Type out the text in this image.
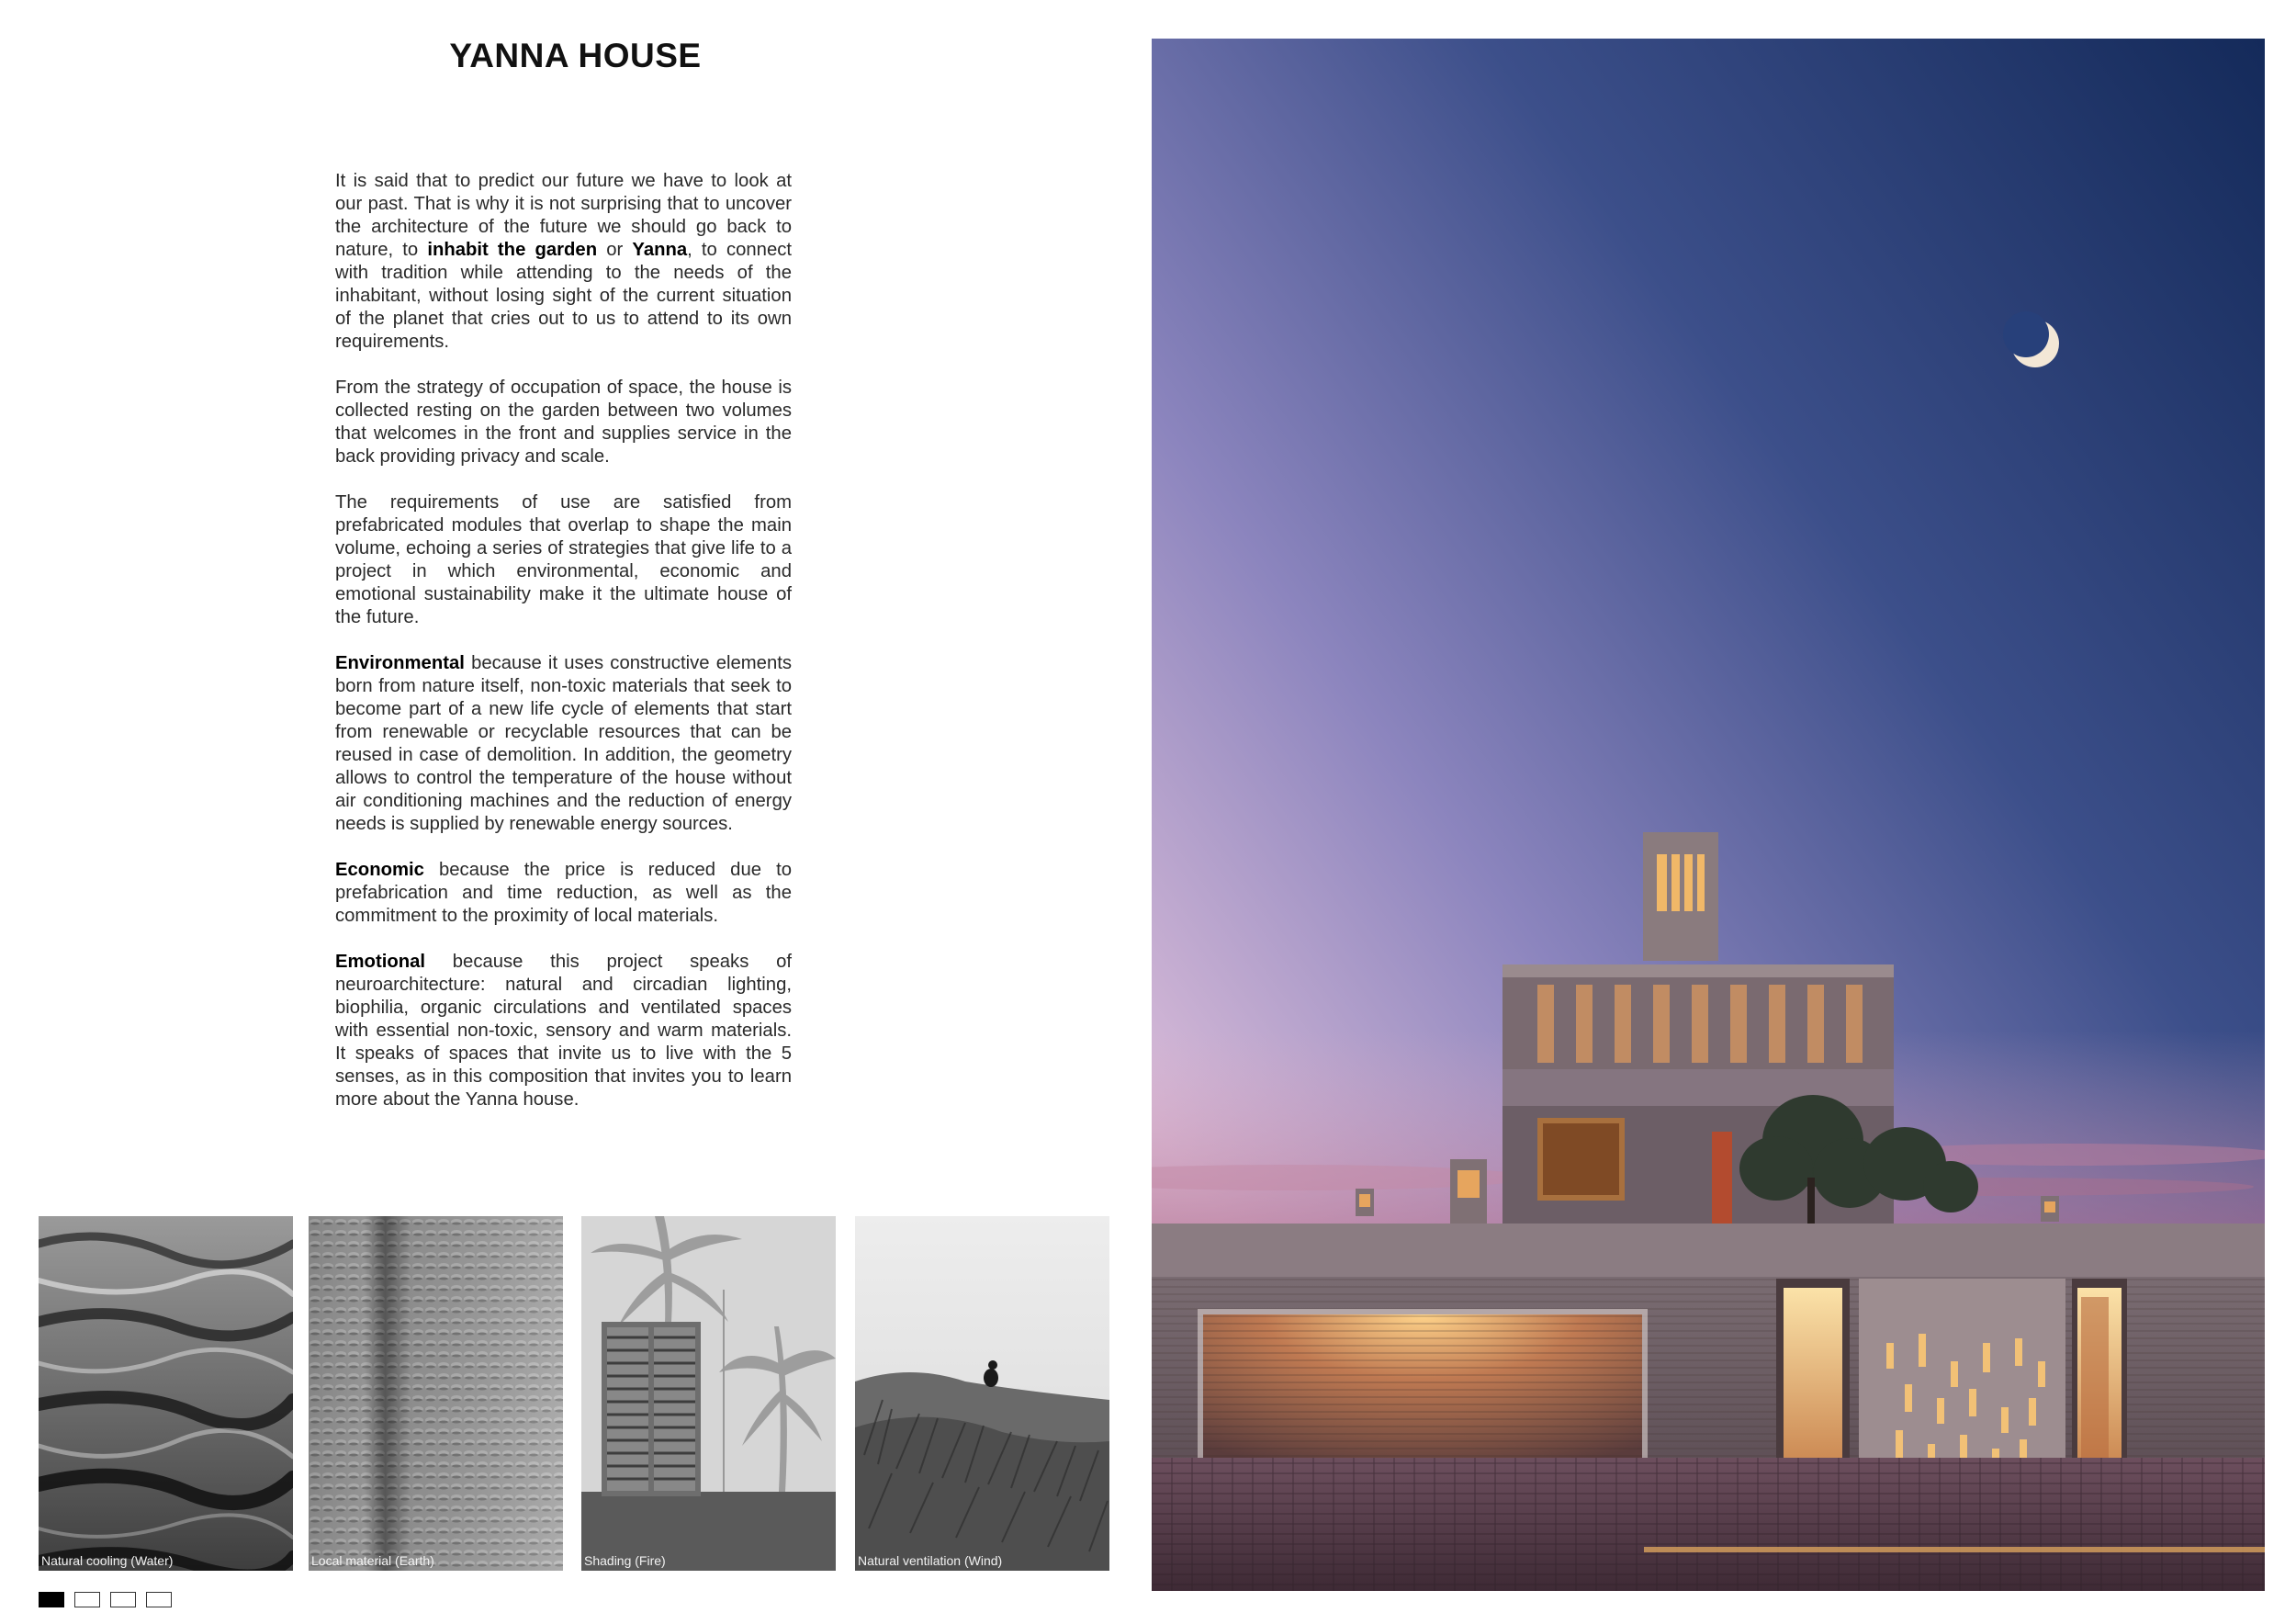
YANNA HOUSE

It is said that to predict our future we have to look at our past. That is why it is not surprising that to uncover the architecture of the future we should go back to nature, to inhabit the garden or Yanna, to connect with tradition while attending to the needs of the inhabitant, without losing sight of the current situation of the planet that cries out to us to attend to its own requirements.

From the strategy of occupation of space, the house is collected resting on the garden between two volumes that welcomes in the front and supplies service in the back providing privacy and scale.

The requirements of use are satisfied from prefabricated modules that overlap to shape the main volume, echoing a series of strategies that give life to a project in which environmental, economic and emotional sustainability make it the ultimate house of the future.

Environmental because it uses constructive elements born from nature itself, non-toxic materials that seek to become part of a new life cycle of elements that start from renewable or recyclable resources that can be reused in case of demolition. In addition, the geometry allows to control the temperature of the house without air conditioning machines and the reduction of energy needs is supplied by renewable energy sources.

Economic because the price is reduced due to prefabrication and time reduction, as well as the commitment to the proximity of local materials.

Emotional because this project speaks of neuroarchitecture: natural and circadian lighting, biophilia, organic circulations and ventilated spaces with essential non-toxic, sensory and warm materials. It speaks of spaces that invite us to live with the 5 senses, as in this composition that invites you to learn more about the Yanna house.

Natural cooling (Water)	Local material (Earth)	Shading (Fire)	Natural ventilation (Wind)
